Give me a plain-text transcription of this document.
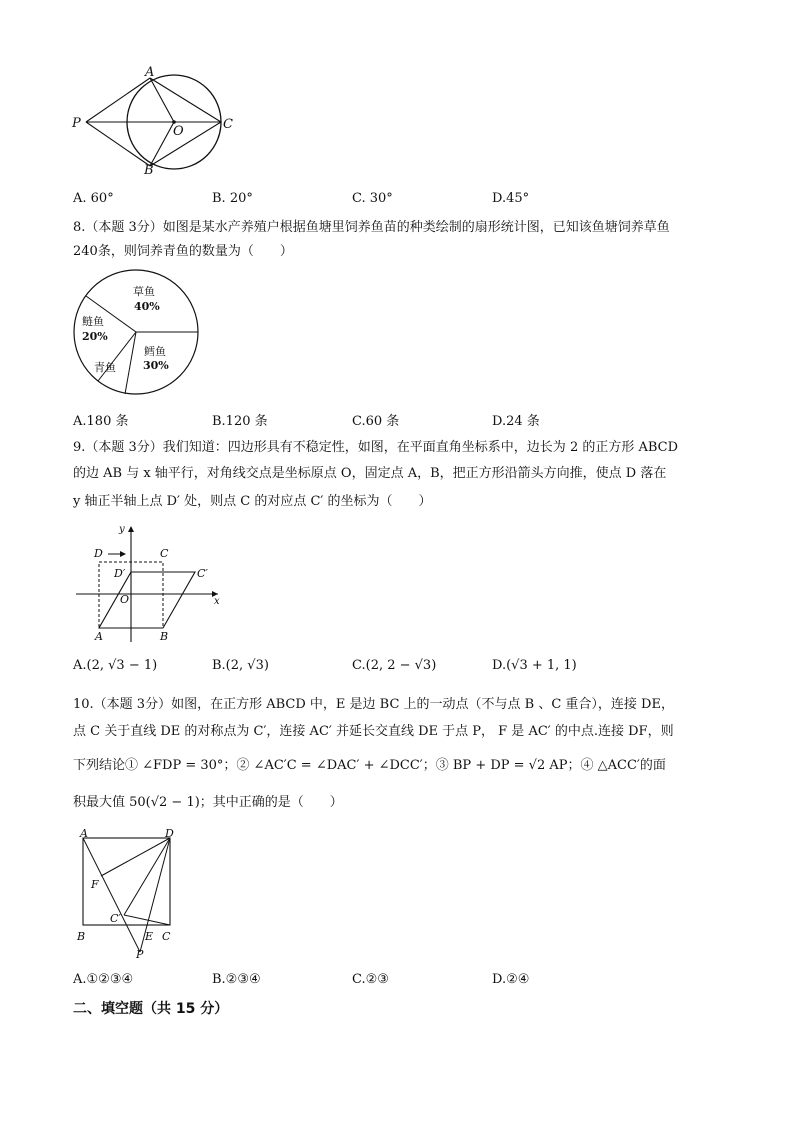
A
P
O	C
B
A. 60°	B. 20°	C. 30°	D.45°
8.（本题 3分）如图是某水产养殖户根据鱼塘里饲养鱼苗的种类绘制的扇形统计图，已知该鱼塘饲养草鱼
240条，则饲养青鱼的数量为（　　）
草鱼
40%
鲢鱼
20%
青鱼
鳕鱼
30%
A.180 条	B.120 条	C.60 条	D.24 条
9.（本题 3分）我们知道：四边形具有不稳定性，如图，在平面直角坐标系中，边长为 2 的正方形 ABCD
的边 AB 与 x 轴平行，对角线交点是坐标原点 O，固定点 A，B，把正方形沿箭头方向推，使点 D 落在
y 轴正半轴上点 D′ 处，则点 C 的对应点 C′ 的坐标为（　　）
y
x
D	C
D′	C′
O
A	B
A.(2, √3 − 1)	B.(2, √3)	C.(2, 2 − √3)	D.(√3 + 1, 1)
10.（本题 3分）如图，在正方形 ABCD 中，E 是边 BC 上的一动点（不与点 B 、C 重合），连接 DE，
点 C 关于直线 DE 的对称点为 C′，连接 AC′ 并延长交直线 DE 于点 P， F 是 AC′ 的中点.连接 DF，则
下列结论① ∠FDP = 30°；② ∠AC′C = ∠DAC′ + ∠DCC′；③ BP + DP = √2 AP；④ △ACC′的面
积最大值 50(√2 − 1)；其中正确的是（　　）
A	D
F
C′
B	E C
P
A.①②③④	B.②③④	C.②③	D.②④
二、填空题（共 15 分）
